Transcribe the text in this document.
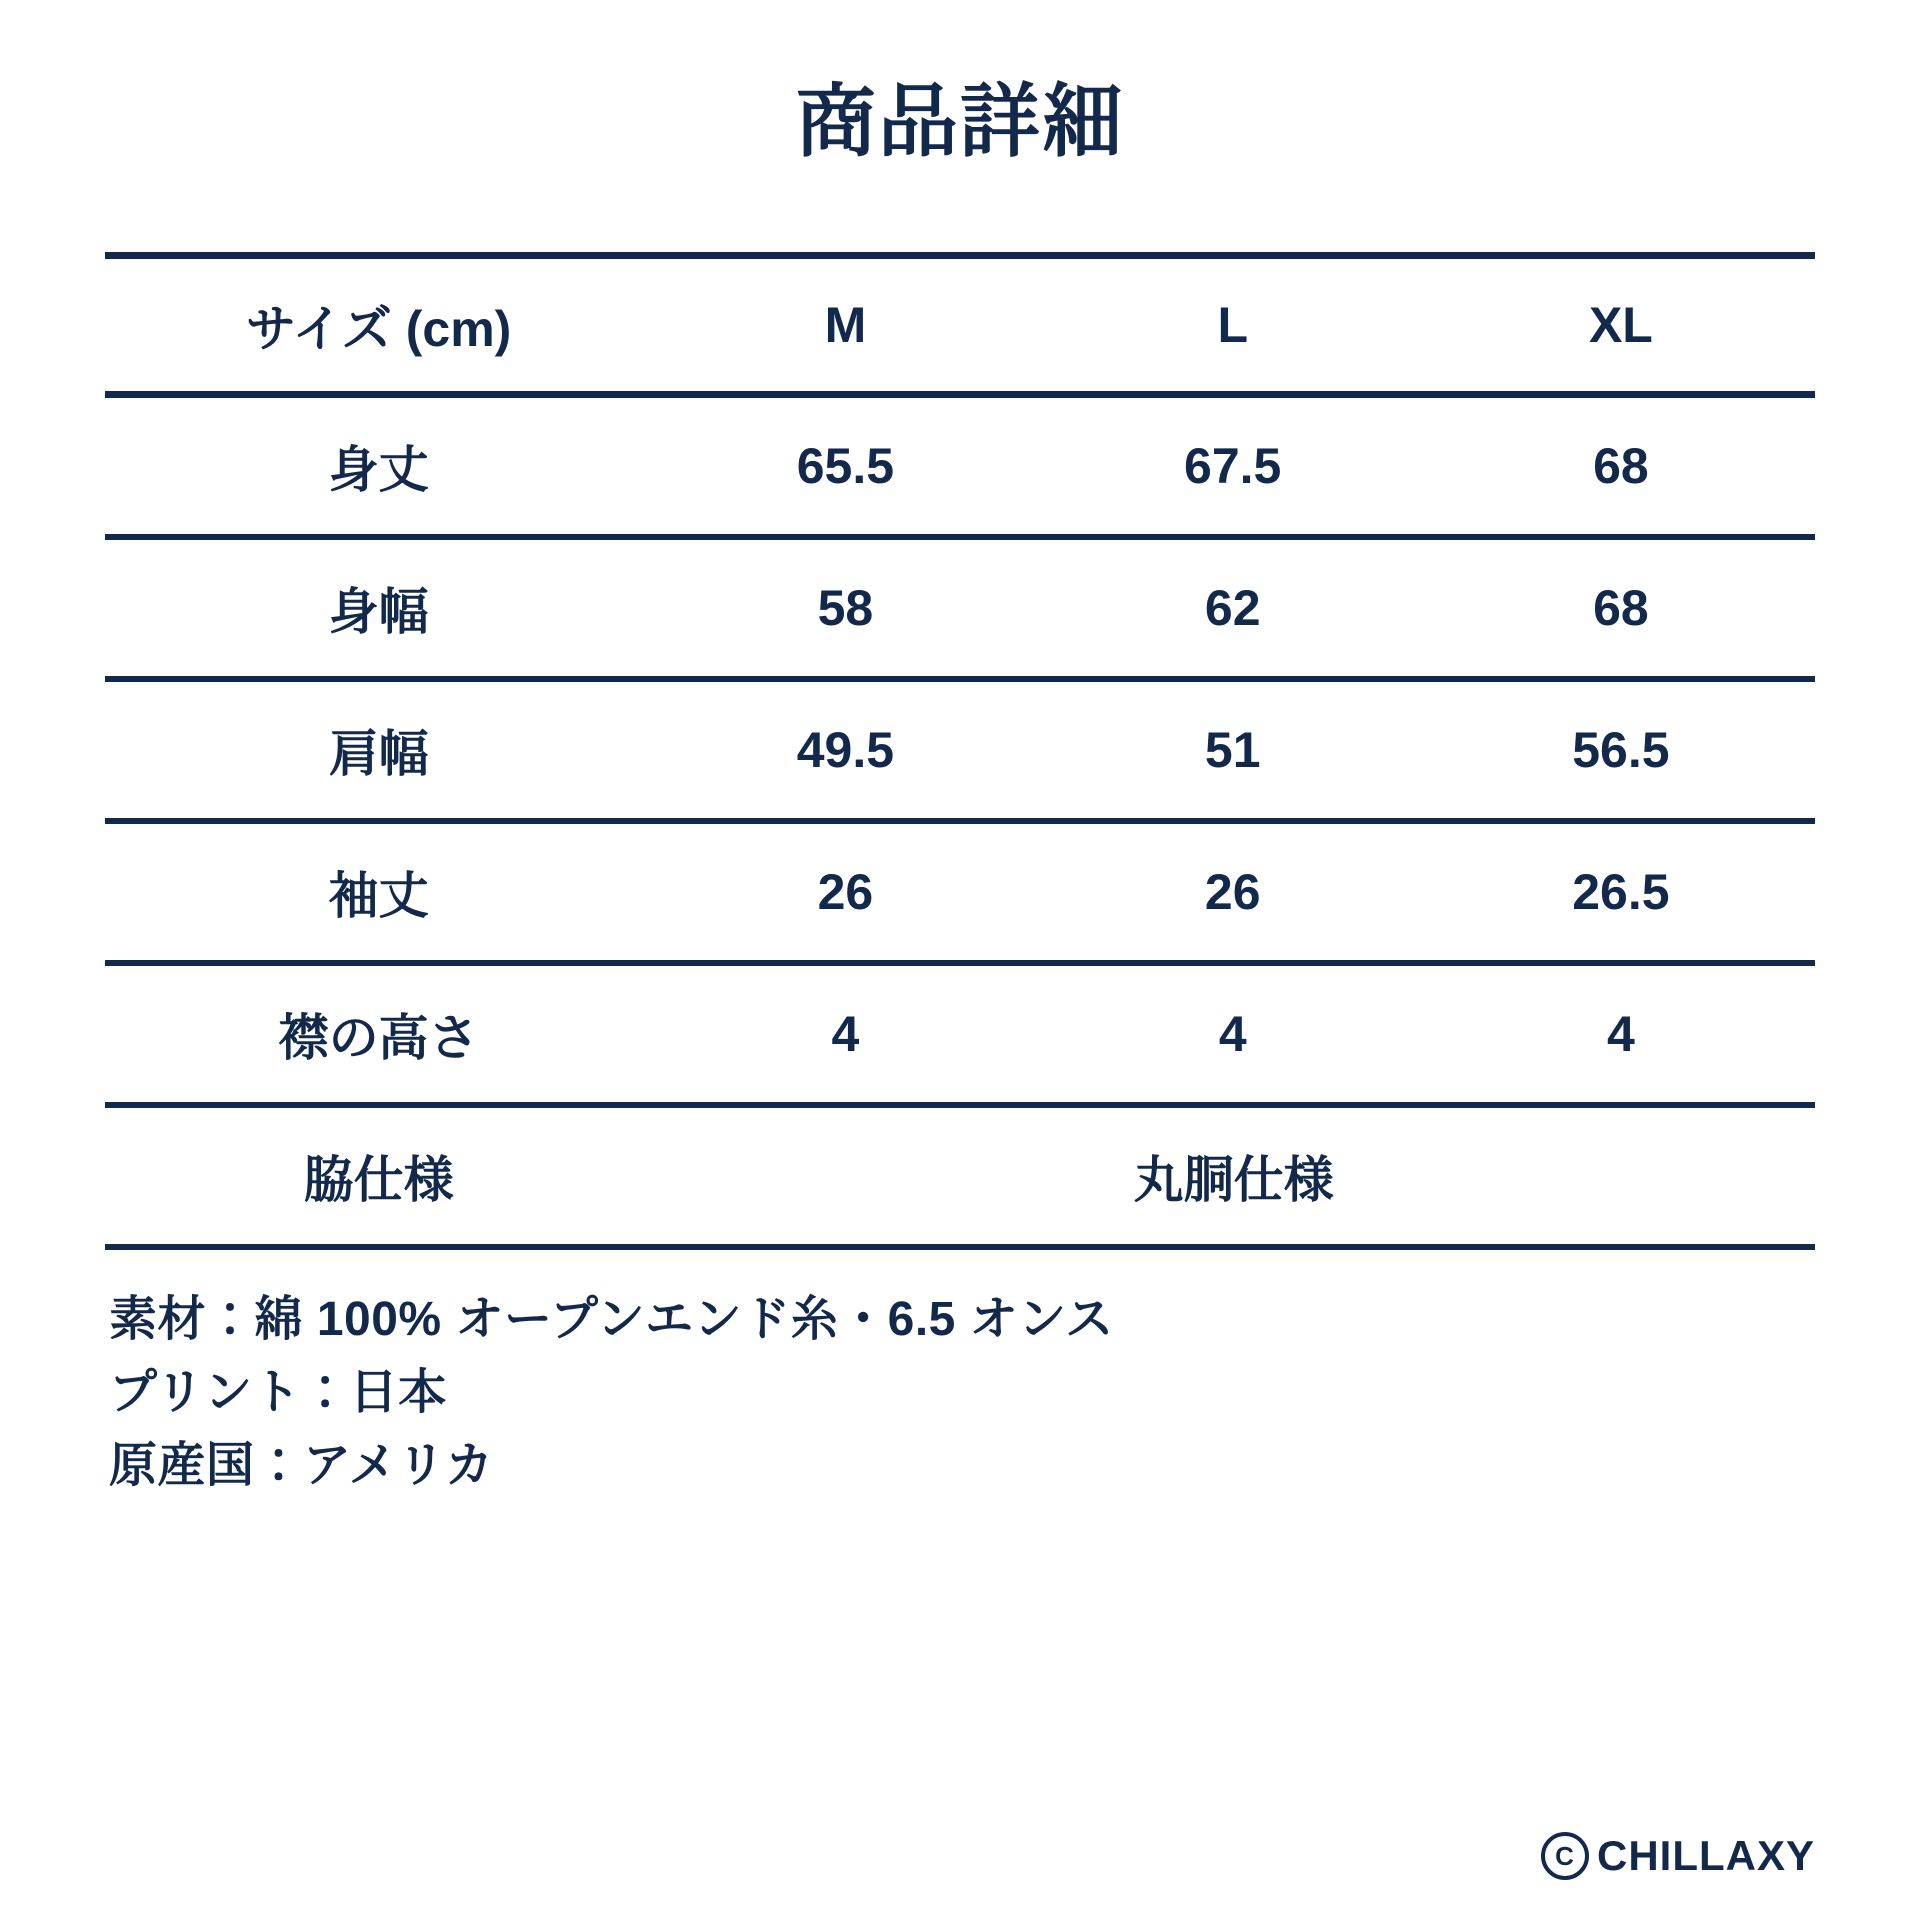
商品詳細
サイズ (cm)	M	L	XL
身丈	65.5	67.5	68
身幅	58	62	68
肩幅	49.5	51	56.5
袖丈	26	26	26.5
襟の高さ	4	4	4
脇仕様	丸胴仕様		
素材：綿 100% オープンエンド糸・6.5 オンス
プリント：日本
原産国：アメリカ
C CHILLAXY
